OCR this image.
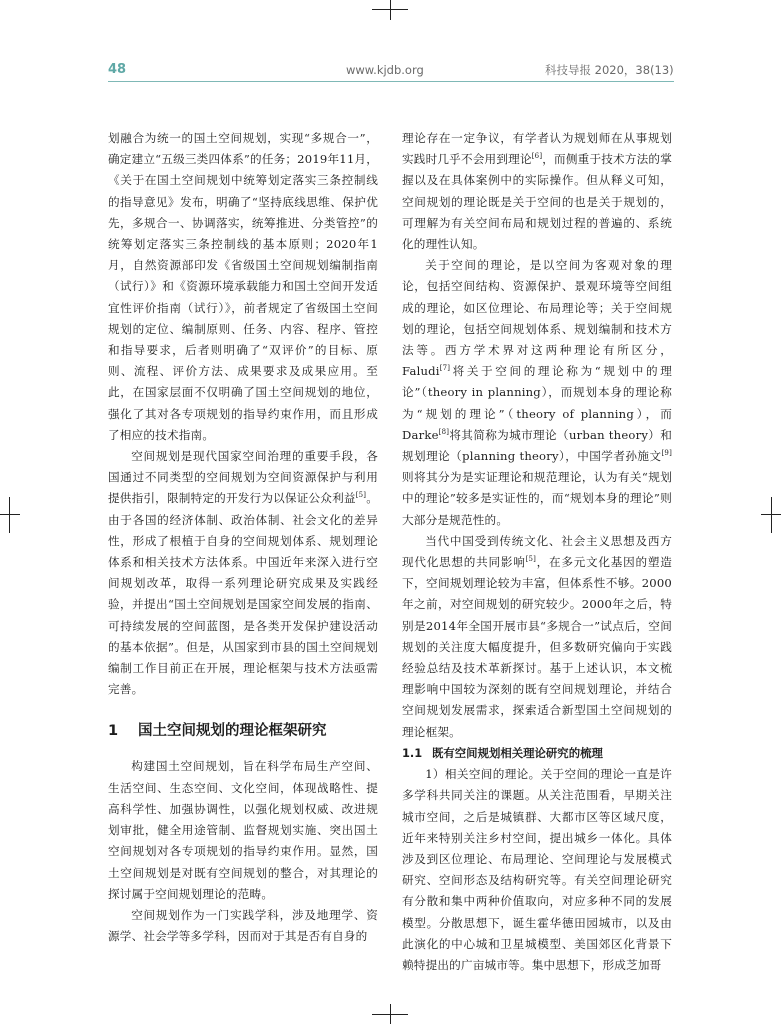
48	www.kjdb.org	科技导报 2020，38(13)

划融合为统一的国土空间规划，实现“多规合一”，确定建立“五级三类四体系”的任务；2019年11月，《关于在国土空间规划中统筹划定落实三条控制线的指导意见》发布，明确了“坚持底线思维、保护优先，多规合一、协调落实，统筹推进、分类管控”的统筹划定落实三条控制线的基本原则；2020年1月，自然资源部印发《省级国土空间规划编制指南（试行）》和《资源环境承载能力和国土空间开发适宜性评价指南（试行）》，前者规定了省级国土空间规划的定位、编制原则、任务、内容、程序、管控和指导要求，后者则明确了“双评价”的目标、原则、流程、评价方法、成果要求及成果应用。至此，在国家层面不仅明确了国土空间规划的地位，强化了其对各专项规划的指导约束作用，而且形成了相应的技术指南。

空间规划是现代国家空间治理的重要手段，各国通过不同类型的空间规划为空间资源保护与利用提供指引，限制特定的开发行为以保证公众利益[5]。由于各国的经济体制、政治体制、社会文化的差异性，形成了根植于自身的空间规划体系、规划理论体系和相关技术方法体系。中国近年来深入进行空间规划改革，取得一系列理论研究成果及实践经验，并提出“国土空间规划是国家空间发展的指南、可持续发展的空间蓝图，是各类开发保护建设活动的基本依据”。但是，从国家到市县的国土空间规划编制工作目前正在开展，理论框架与技术方法亟需完善。

1 国土空间规划的理论框架研究

构建国土空间规划，旨在科学布局生产空间、生活空间、生态空间、文化空间，体现战略性、提高科学性、加强协调性，以强化规划权威、改进规划审批，健全用途管制、监督规划实施、突出国土空间规划对各专项规划的指导约束作用。显然，国土空间规划是对既有空间规划的整合，对其理论的探讨属于空间规划理论的范畴。

空间规划作为一门实践学科，涉及地理学、资源学、社会学等多学科，因而对于其是否有自身的

理论存在一定争议，有学者认为规划师在从事规划实践时几乎不会用到理论[6]，而侧重于技术方法的掌握以及在具体案例中的实际操作。但从释义可知，空间规划的理论既是关于空间的也是关于规划的，可理解为有关空间布局和规划过程的普遍的、系统化的理性认知。

关于空间的理论，是以空间为客观对象的理论，包括空间结构、资源保护、景观环境等空间组成的理论，如区位理论、布局理论等；关于空间规划的理论，包括空间规划体系、规划编制和技术方法等。西方学术界对这两种理论有所区分，Faludi[7]将关于空间的理论称为“规划中的理论”（theory in planning），而规划本身的理论称为“规划的理论”（theory of planning），而Darke[8]将其简称为城市理论（urban theory）和规划理论（planning theory），中国学者孙施文[9]则将其分为是实证理论和规范理论，认为有关“规划中的理论”较多是实证性的，而“规划本身的理论”则大部分是规范性的。

当代中国受到传统文化、社会主义思想及西方现代化思想的共同影响[5]，在多元文化基因的塑造下，空间规划理论较为丰富，但体系性不够。2000年之前，对空间规划的研究较少。2000年之后，特别是2014年全国开展市县“多规合一”试点后，空间规划的关注度大幅度提升，但多数研究偏向于实践经验总结及技术革新探讨。基于上述认识，本文梳理影响中国较为深刻的既有空间规划理论，并结合空间规划发展需求，探索适合新型国土空间规划的理论框架。

1.1 既有空间规划相关理论研究的梳理

1）相关空间的理论。关于空间的理论一直是许多学科共同关注的课题。从关注范围看，早期关注城市空间，之后是城镇群、大都市区等区域尺度，近年来特别关注乡村空间，提出城乡一体化。具体涉及到区位理论、布局理论、空间理论与发展模式研究、空间形态及结构研究等。有关空间理论研究有分散和集中两种价值取向，对应多种不同的发展模型。分散思想下，诞生霍华德田园城市，以及由此演化的中心城和卫星城模型、美国郊区化背景下赖特提出的广亩城市等。集中思想下，形成芝加哥
